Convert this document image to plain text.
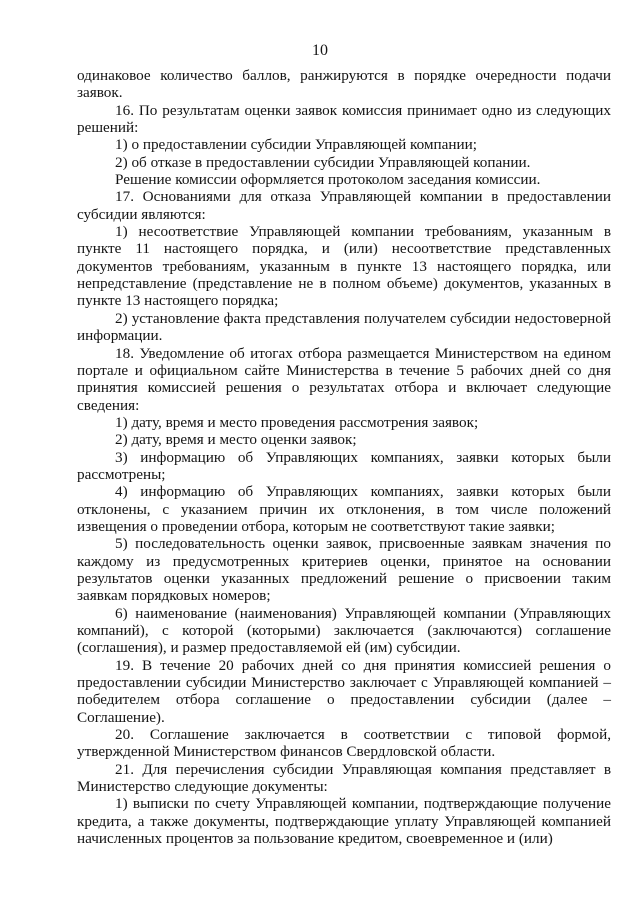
10

одинаковое количество баллов, ранжируются в порядке очередности подачи заявок.

16. По результатам оценки заявок комиссия принимает одно из следующих решений:

1) о предоставлении субсидии Управляющей компании;

2) об отказе в предоставлении субсидии Управляющей копании.

Решение комиссии оформляется протоколом заседания комиссии.

17. Основаниями для отказа Управляющей компании в предоставлении субсидии являются:

1) несоответствие Управляющей компании требованиям, указанным в пункте 11 настоящего порядка, и (или) несоответствие представленных документов требованиям, указанным в пункте 13 настоящего порядка, или непредставление (представление не в полном объеме) документов, указанных в пункте 13 настоящего порядка;

2) установление факта представления получателем субсидии недостоверной информации.

18. Уведомление об итогах отбора размещается Министерством на едином портале и официальном сайте Министерства в течение 5 рабочих дней со дня принятия комиссией решения о результатах отбора и включает следующие сведения:

1) дату, время и место проведения рассмотрения заявок;

2) дату, время и место оценки заявок;

3) информацию об Управляющих компаниях, заявки которых были рассмотрены;

4) информацию об Управляющих компаниях, заявки которых были отклонены, с указанием причин их отклонения, в том числе положений извещения о проведении отбора, которым не соответствуют такие заявки;

5) последовательность оценки заявок, присвоенные заявкам значения по каждому из предусмотренных критериев оценки, принятое на основании результатов оценки указанных предложений решение о присвоении таким заявкам порядковых номеров;

6) наименование (наименования) Управляющей компании (Управляющих компаний), с которой (которыми) заключается (заключаются) соглашение (соглашения), и размер предоставляемой ей (им) субсидии.

19. В течение 20 рабочих дней со дня принятия комиссией решения о предоставлении субсидии Министерство заключает с Управляющей компанией – победителем отбора соглашение о предоставлении субсидии (далее – Соглашение).

20. Соглашение заключается в соответствии с типовой формой, утвержденной Министерством финансов Свердловской области.

21. Для перечисления субсидии Управляющая компания представляет в Министерство следующие документы:

1) выписки по счету Управляющей компании, подтверждающие получение кредита, а также документы, подтверждающие уплату Управляющей компанией начисленных процентов за пользование кредитом, своевременное и (или)
